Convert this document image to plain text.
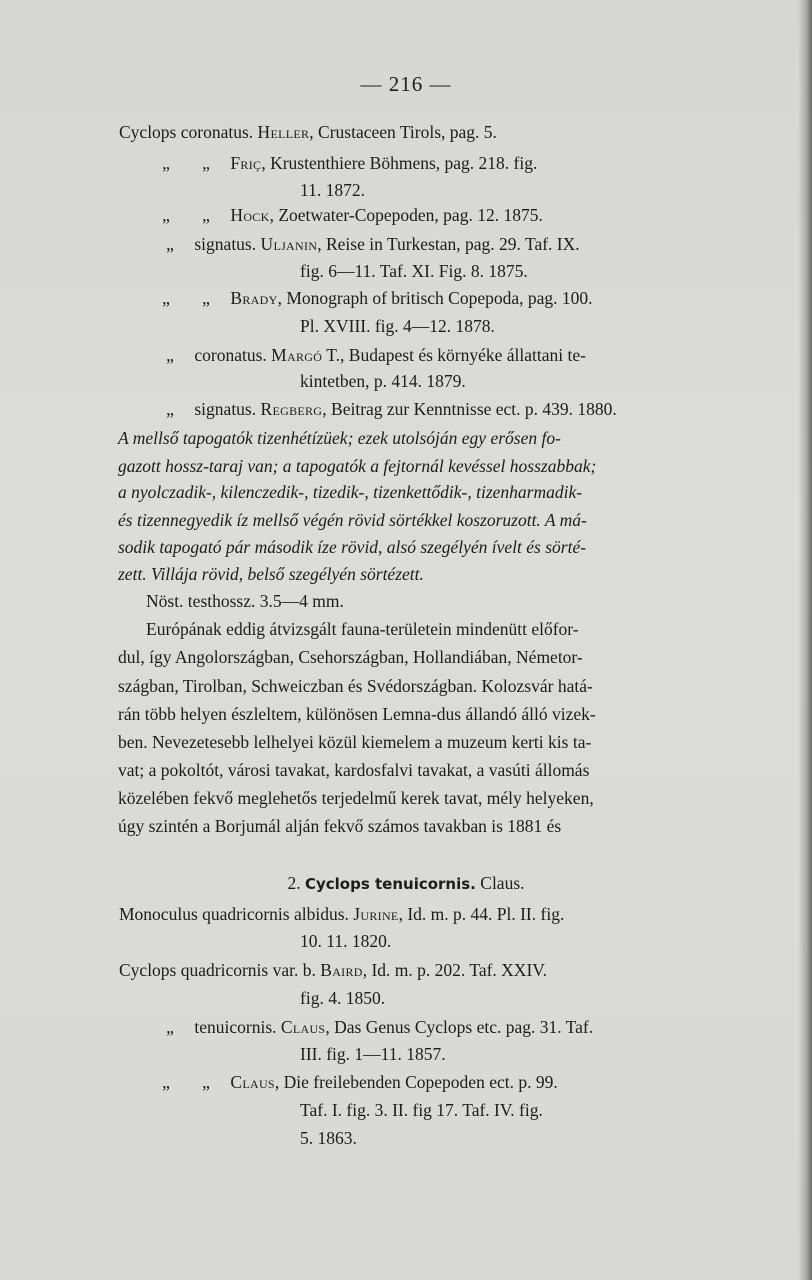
— 216 —
Cyclops coronatus. Heller, Crustaceen Tirols, pag. 5.
„ „ Friç, Krustenthiere Böhmens, pag. 218. fig.
11. 1872.
„ „ Hock, Zoetwater-Copepoden, pag. 12. 1875.
„ signatus. Uljanin, Reise in Turkestan, pag. 29. Taf. IX.
fig. 6—11. Taf. XI. Fig. 8. 1875.
„ „ Brady, Monograph of britisch Copepoda, pag. 100.
Pl. XVIII. fig. 4—12. 1878.
„ coronatus. Margó T., Budapest és környéke állattani te-
kintetben, p. 414. 1879.
„ signatus. Regberg, Beitrag zur Kenntnisse ect. p. 439. 1880.
A mellső tapogatók tizenhétízüek; ezek utolsóján egy erősen fo-
gazott hossz-taraj van; a tapogatók a fejtornál kevéssel hosszabbak;
a nyolczadik-, kilenczedik-, tizedik-, tizenkettődik-, tizenharmadik-
és tizennegyedik íz mellső végén rövid sörtékkel koszoruzott. A má-
sodik tapogató pár második íze rövid, alsó szegélyén ívelt és sörté-
zett. Villája rövid, belső szegélyén sörtézett.
Nöst. testhossz. 3.5—4 mm.
Európának eddig átvizsgált fauna-területein mindenütt előfor-
dul, így Angolországban, Csehországban, Hollandiában, Németor-
szágban, Tirolban, Schweiczban és Svédországban. Kolozsvár hatá-
rán több helyen észleltem, különösen Lemna-dus állandó álló vizek-
ben. Nevezetesebb lelhelyei közül kiemelem a muzeum kerti kis ta-
vat; a pokoltót, városi tavakat, kardosfalvi tavakat, a vasúti állomás
közelében fekvő meglehetős terjedelmű kerek tavat, mély helyeken,
úgy szintén a Borjumál alján fekvő számos tavakban is 1881 és
2. Cyclops tenuicornis. Claus.
Monoculus quadricornis albidus. Jurine, Id. m. p. 44. Pl. II. fig.
10. 11. 1820.
Cyclops quadricornis var. b. Baird, Id. m. p. 202. Taf. XXIV.
fig. 4. 1850.
„ tenuicornis. Claus, Das Genus Cyclops etc. pag. 31. Taf.
III. fig. 1—11. 1857.
„ „ Claus, Die freilebenden Copepoden ect. p. 99.
Taf. I. fig. 3. II. fig 17. Taf. IV. fig.
5. 1863.
